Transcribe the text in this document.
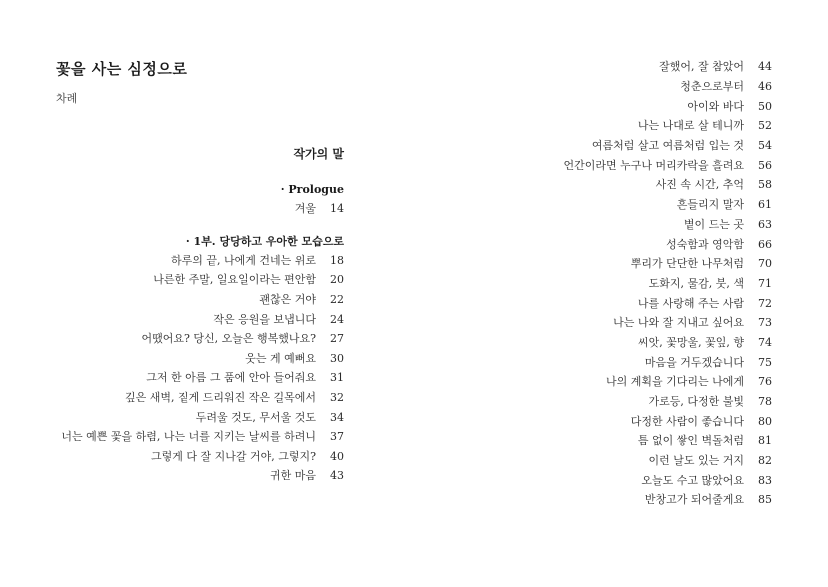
꽃을 사는 심정으로
차례
작가의 말
· Prologue
겨울	14
· 1부. 당당하고 우아한 모습으로
하루의 끝, 나에게 건네는 위로	18
나른한 주말, 일요일이라는 편안함	20
괜찮은 거야	22
작은 응원을 보냅니다	24
어땠어요? 당신, 오늘은 행복했나요?	27
웃는 게 예뻐요	30
그저 한 아름 그 품에 안아 들어줘요	31
깊은 새벽, 짙게 드리워진 작은 길목에서	32
두려울 것도, 무서울 것도	34
너는 예쁜 꽃을 하렴, 나는 너를 지키는 날씨를 하려니	37
그렇게 다 잘 지나갈 거야, 그렇지?	40
귀한 마음	43
잘했어, 잘 참았어	44
청춘으로부터	46
아이와 바다	50
나는 나대로 살 테니까	52
여름처럼 살고 여름처럼 입는 것	54
언간이라면 누구나 머리카락을 흘려요	56
사진 속 시간, 추억	58
흔들리지 말자	61
볕이 드는 곳	63
성숙함과 영악함	66
뿌리가 단단한 나무처럼	70
도화지, 물감, 붓, 색	71
나를 사랑해 주는 사람	72
나는 나와 잘 지내고 싶어요	73
씨앗, 꽃망울, 꽃잎, 향	74
마음을 거두겠습니다	75
나의 계획을 기다리는 나에게	76
가로등, 다정한 불빛	78
다정한 사람이 좋습니다	80
틈 없이 쌓인 벽돌처럼	81
이런 날도 있는 거지	82
오늘도 수고 많았어요	83
반창고가 되어줄게요	85
